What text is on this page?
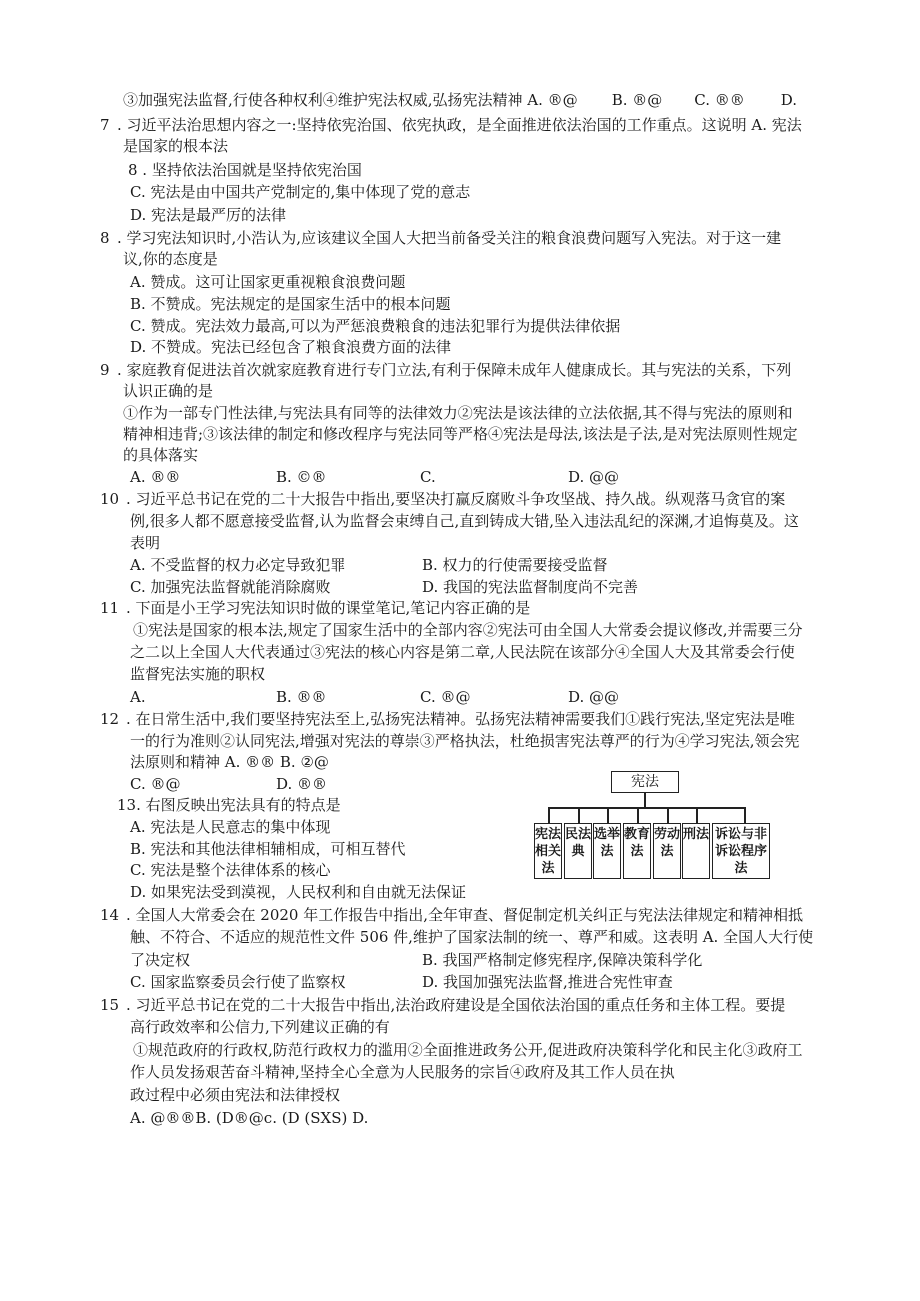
③加强宪法监督,行使各种权利④维护宪法权威,弘扬宪法精神 A. ®@ B. ®@ C. ®® D.
7 . 习近平法治思想内容之一:坚持依宪治国、依宪执政，是全面推进依法治国的工作重点。这说明 A. 宪法
是国家的根本法
8 . 坚持依法治国就是坚持依宪治国
C. 宪法是由中国共产党制定的,集中体现了党的意志
D. 宪法是最严厉的法律
8 . 学习宪法知识时,小浩认为,应该建议全国人大把当前备受关注的粮食浪费问题写入宪法。对于这一建
议,你的态度是
A. 赞成。这可让国家更重视粮食浪费问题
B. 不赞成。宪法规定的是国家生活中的根本问题
C. 赞成。宪法效力最高,可以为严惩浪费粮食的违法犯罪行为提供法律依据
D. 不赞成。宪法已经包含了粮食浪费方面的法律
9 . 家庭教育促进法首次就家庭教育进行专门立法,有利于保障未成年人健康成长。其与宪法的关系，下列
认识正确的是
①作为一部专门性法律,与宪法具有同等的法律效力②宪法是该法律的立法依据,其不得与宪法的原则和
精神相违背;③该法律的制定和修改程序与宪法同等严格④宪法是母法,该法是子法,是对宪法原则性规定
的具体落实
A. ®®	B. ©®	C.	D. @@
10 . 习近平总书记在党的二十大报告中指出,要坚决打赢反腐败斗争攻坚战、持久战。纵观落马贪官的案
例,很多人都不愿意接受监督,认为监督会束缚自己,直到铸成大错,坠入违法乱纪的深渊,才追悔莫及。这
表明
A. 不受监督的权力必定导致犯罪	B. 权力的行使需要接受监督
C. 加强宪法监督就能消除腐败	D. 我国的宪法监督制度尚不完善
11 . 下面是小王学习宪法知识时做的课堂笔记,笔记内容正确的是
①宪法是国家的根本法,规定了国家生活中的全部内容②宪法可由全国人大常委会提议修改,并需要三分
之二以上全国人大代表通过③宪法的核心内容是第二章,人民法院在该部分④全国人大及其常委会行使
监督宪法实施的职权
A.	B. ®®	C. ®@	D. @@
12 . 在日常生活中,我们要坚持宪法至上,弘扬宪法精神。弘扬宪法精神需要我们①践行宪法,坚定宪法是唯
一的行为准则②认同宪法,增强对宪法的尊崇③严格执法，杜绝损害宪法尊严的行为④学习宪法,领会宪
法原则和精神 A. ®® B. ②@
C. ®@	D. ®®
13. 右图反映出宪法具有的特点是
A. 宪法是人民意志的集中体现
B. 宪法和其他法律相辅相成，可相互替代
C. 宪法是整个法律体系的核心
D. 如果宪法受到漠视，人民权利和自由就无法保证
宪法
宪法相关法
民法典
选举法
教育法
劳动法
刑法 诉讼与非诉讼程序法
14 . 全国人大常委会在 2020 年工作报告中指出,全年审查、督促制定机关纠正与宪法法律规定和精神相抵
触、不符合、不适应的规范性文件 506 件,维护了国家法制的统一、尊严和威。这表明 A. 全国人大行使
了决定权	B. 我国严格制定修宪程序,保障决策科学化
C. 国家监察委员会行使了监察权	D. 我国加强宪法监督,推进合宪性审查
15 . 习近平总书记在党的二十大报告中指出,法治政府建设是全国依法治国的重点任务和主体工程。要提
高行政效率和公信力,下列建议正确的有
①规范政府的行政权,防范行政权力的滥用②全面推进政务公开,促进政府决策科学化和民主化③政府工
作人员发扬艰苦奋斗精神,坚持全心全意为人民服务的宗旨④政府及其工作人员在执
政过程中必须由宪法和法律授权
A. @®®B. (D®@c. (D (SXS) D.
